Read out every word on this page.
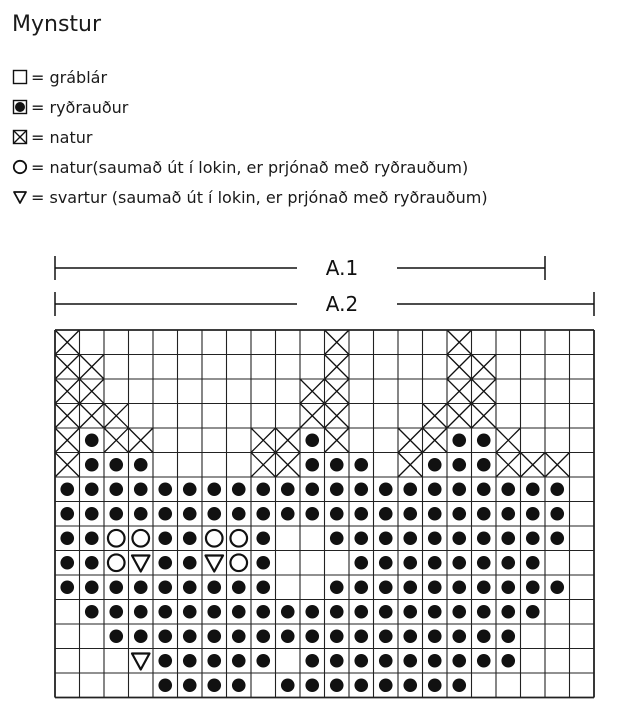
Mynstur
= gráblár
= ryðrauður
= natur
= natur(saumað út í lokin, er prjónað með ryðrauðum)
= svartur (saumað út í lokin, er prjónað með ryðrauðum)
A.1
A.2
